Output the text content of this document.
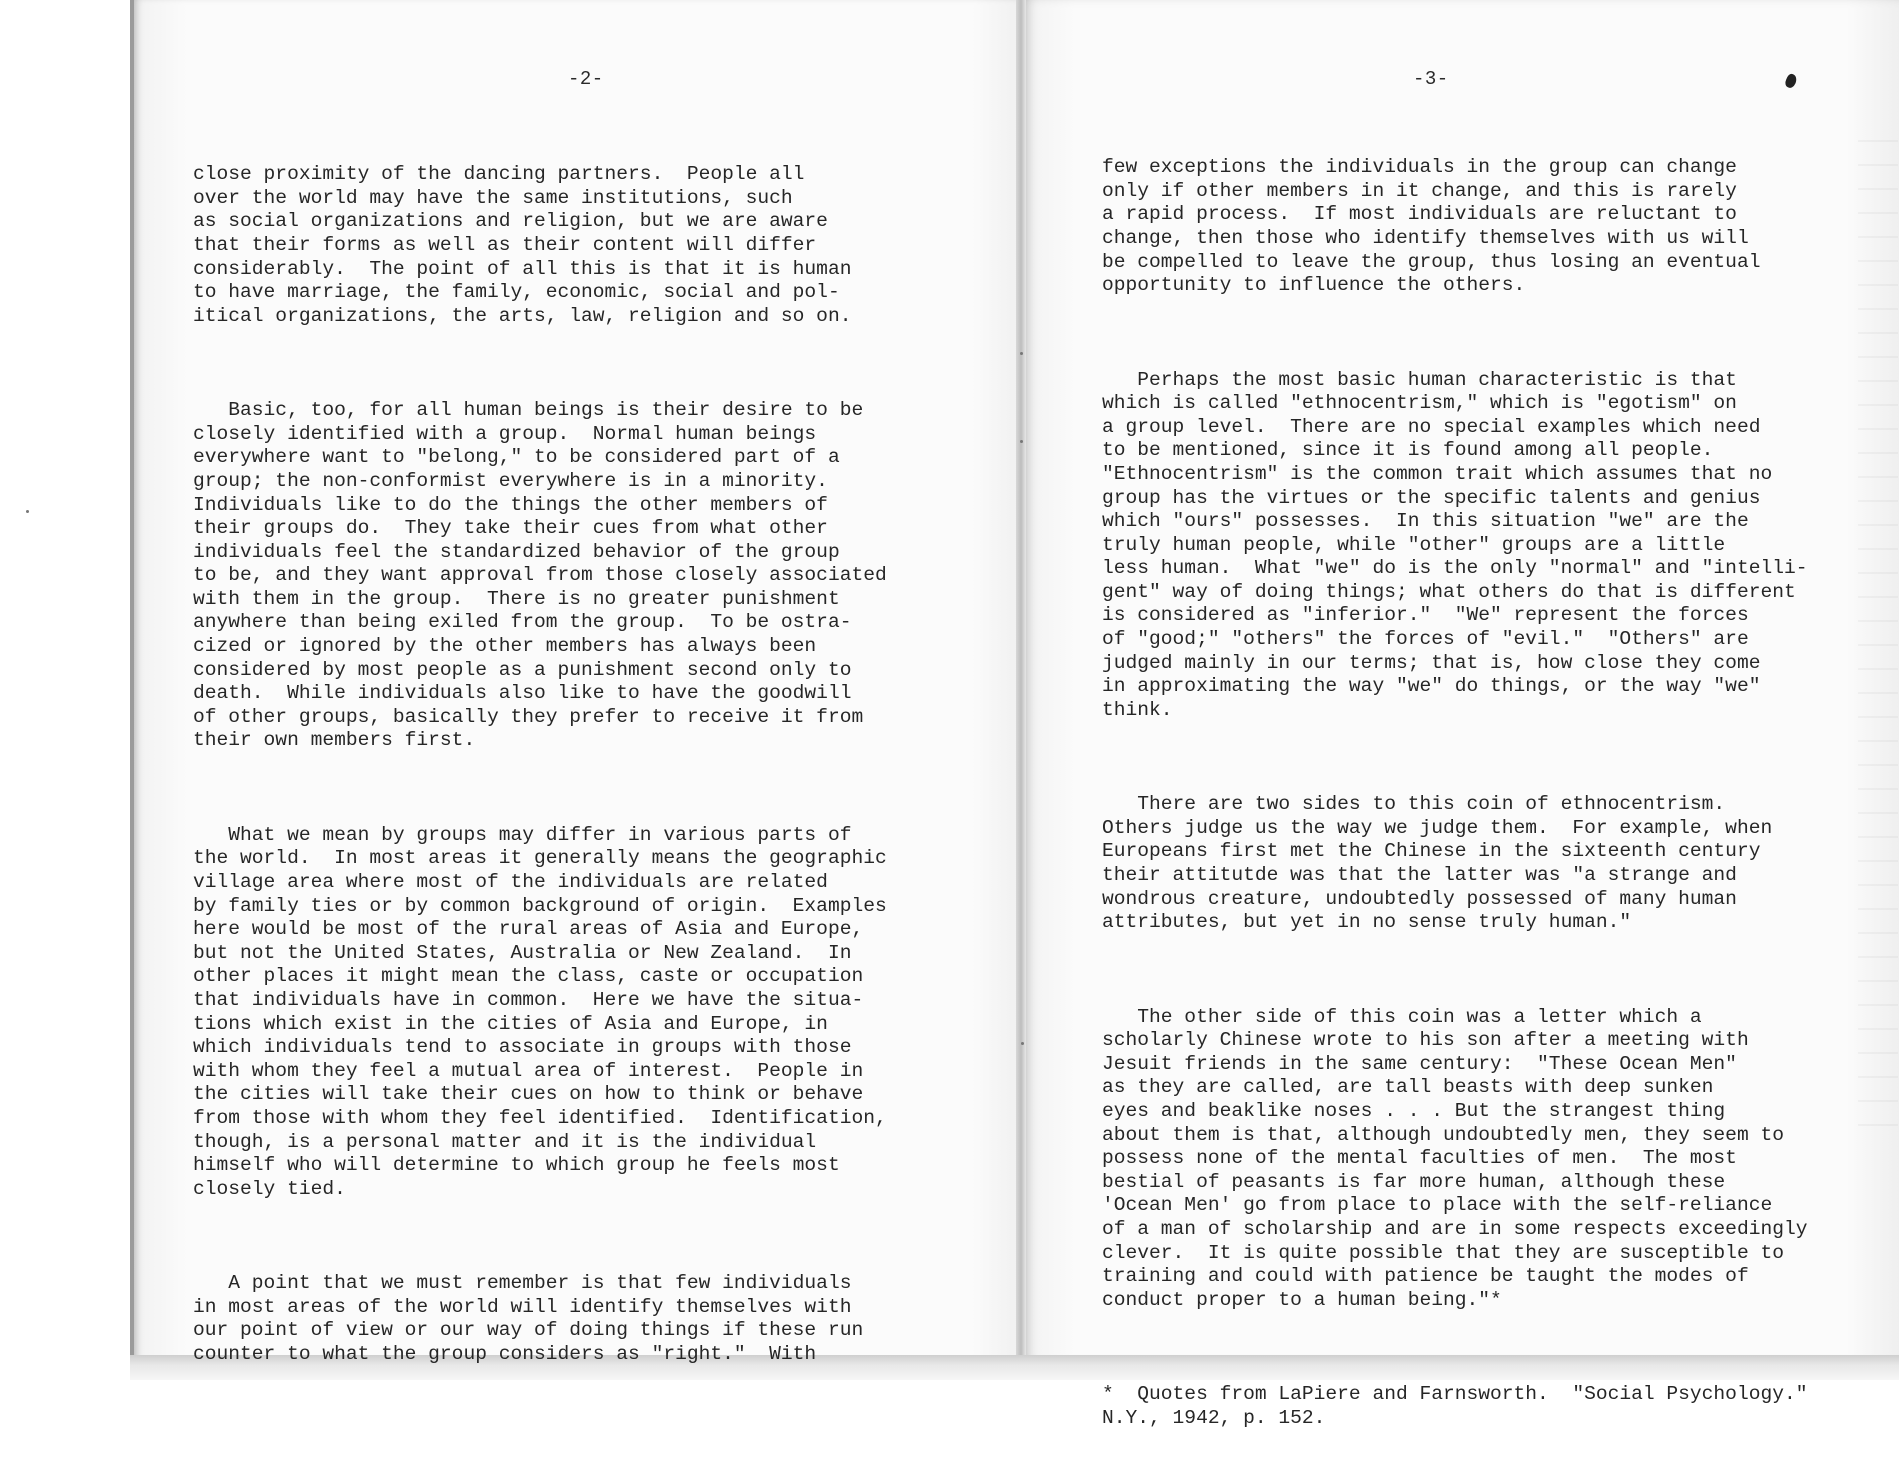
-2-

close proximity of the dancing partners.  People all
over the world may have the same institutions, such
as social organizations and religion, but we are aware
that their forms as well as their content will differ
considerably.  The point of all this is that it is human
to have marriage, the family, economic, social and pol-
itical organizations, the arts, law, religion and so on.

Basic, too, for all human beings is their desire to be
closely identified with a group.  Normal human beings
everywhere want to "belong," to be considered part of a
group; the non-conformist everywhere is in a minority.
Individuals like to do the things the other members of
their groups do.  They take their cues from what other
individuals feel the standardized behavior of the group
to be, and they want approval from those closely associated
with them in the group.  There is no greater punishment
anywhere than being exiled from the group.  To be ostra-
cized or ignored by the other members has always been
considered by most people as a punishment second only to
death.  While individuals also like to have the goodwill
of other groups, basically they prefer to receive it from
their own members first.

What we mean by groups may differ in various parts of
the world.  In most areas it generally means the geographic
village area where most of the individuals are related
by family ties or by common background of origin.  Examples
here would be most of the rural areas of Asia and Europe,
but not the United States, Australia or New Zealand.  In
other places it might mean the class, caste or occupation
that individuals have in common.  Here we have the situa-
tions which exist in the cities of Asia and Europe, in
which individuals tend to associate in groups with those
with whom they feel a mutual area of interest.  People in
the cities will take their cues on how to think or behave
from those with whom they feel identified.  Identification,
though, is a personal matter and it is the individual
himself who will determine to which group he feels most
closely tied.

A point that we must remember is that few individuals
in most areas of the world will identify themselves with
our point of view or our way of doing things if these run
counter to what the group considers as "right."  With

-3-

few exceptions the individuals in the group can change
only if other members in it change, and this is rarely
a rapid process.  If most individuals are reluctant to
change, then those who identify themselves with us will
be compelled to leave the group, thus losing an eventual
opportunity to influence the others.

Perhaps the most basic human characteristic is that
which is called "ethnocentrism," which is "egotism" on
a group level.  There are no special examples which need
to be mentioned, since it is found among all people.
"Ethnocentrism" is the common trait which assumes that no
group has the virtues or the specific talents and genius
which "ours" possesses.  In this situation "we" are the
truly human people, while "other" groups are a little
less human.  What "we" do is the only "normal" and "intelli-
gent" way of doing things; what others do that is different
is considered as "inferior."  "We" represent the forces
of "good;" "others" the forces of "evil."  "Others" are
judged mainly in our terms; that is, how close they come
in approximating the way "we" do things, or the way "we"
think.

There are two sides to this coin of ethnocentrism.
Others judge us the way we judge them.  For example, when
Europeans first met the Chinese in the sixteenth century
their attitutde was that the latter was "a strange and
wondrous creature, undoubtedly possessed of many human
attributes, but yet in no sense truly human."

The other side of this coin was a letter which a
scholarly Chinese wrote to his son after a meeting with
Jesuit friends in the same century:  "These Ocean Men"
as they are called, are tall beasts with deep sunken
eyes and beaklike noses . . . But the strangest thing
about them is that, although undoubtedly men, they seem to
possess none of the mental faculties of men.  The most
bestial of peasants is far more human, although these
'Ocean Men' go from place to place with the self-reliance
of a man of scholarship and are in some respects exceedingly
clever.  It is quite possible that they are susceptible to
training and could with patience be taught the modes of
conduct proper to a human being."*

*  Quotes from LaPiere and Farnsworth.  "Social Psychology."
N.Y., 1942, p. 152.
